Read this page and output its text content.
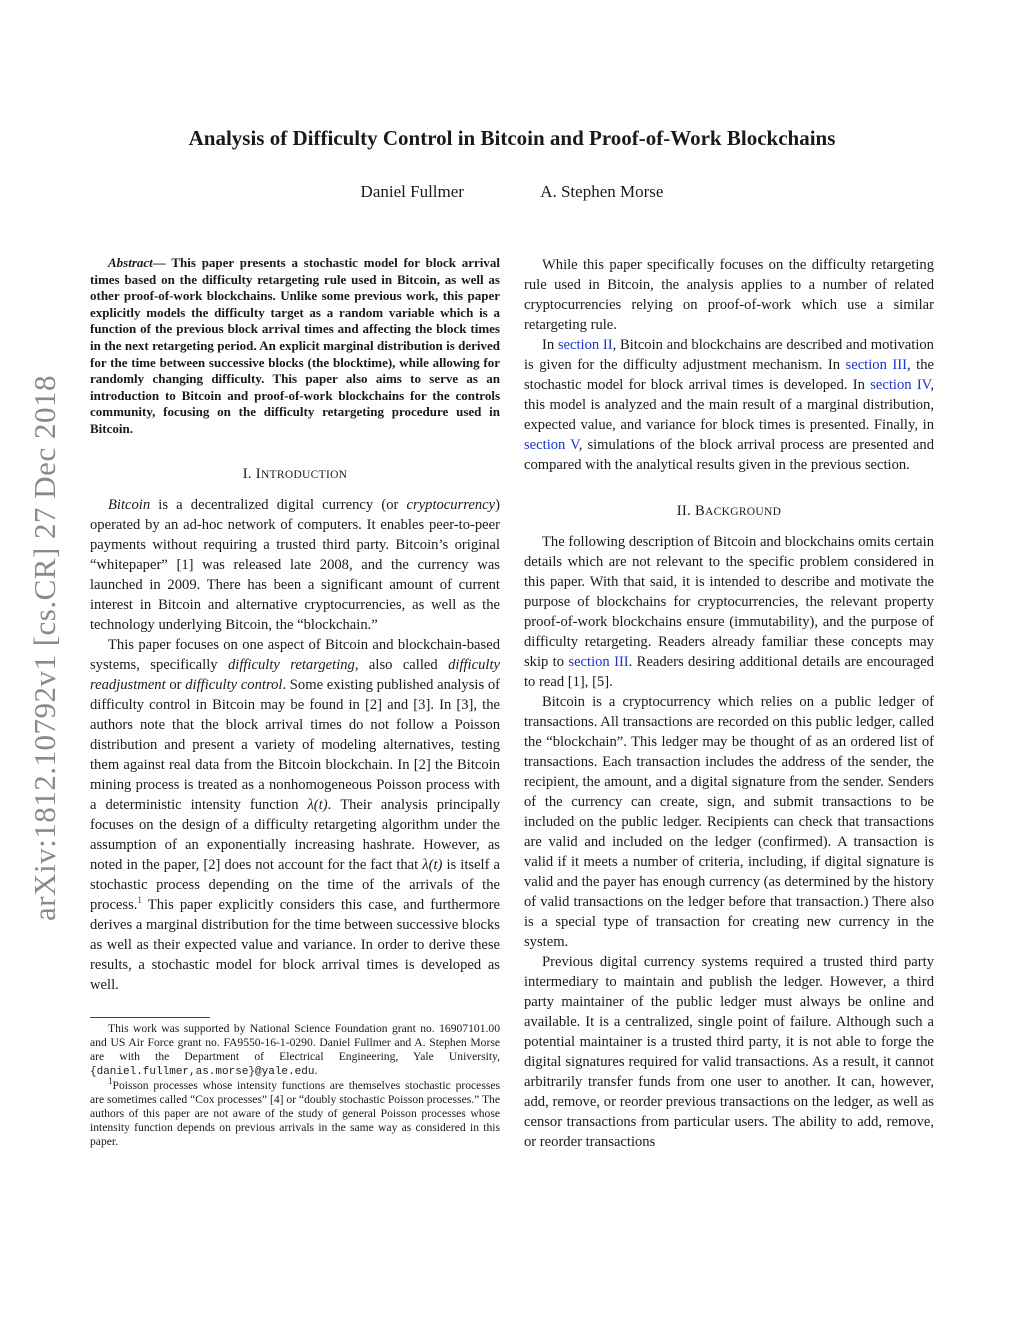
Analysis of Difficulty Control in Bitcoin and Proof-of-Work Blockchains
Daniel Fullmer	A. Stephen Morse
arXiv:1812.10792v1 [cs.CR] 27 Dec 2018

Abstract— This paper presents a stochastic model for block arrival times based on the difficulty retargeting rule used in Bitcoin, as well as other proof-of-work blockchains. Unlike some previous work, this paper explicitly models the difficulty target as a random variable which is a function of the previous block arrival times and affecting the block times in the next retargeting period. An explicit marginal distribution is derived for the time between successive blocks (the blocktime), while allowing for randomly changing difficulty. This paper also aims to serve as an introduction to Bitcoin and proof-of-work blockchains for the controls community, focusing on the difficulty retargeting procedure used in Bitcoin.

I. INTRODUCTION

Bitcoin is a decentralized digital currency (or cryptocurrency) operated by an ad-hoc network of computers. It enables peer-to-peer payments without requiring a trusted third party. Bitcoin’s original “whitepaper” [1] was released late 2008, and the currency was launched in 2009. There has been a significant amount of current interest in Bitcoin and alternative cryptocurrencies, as well as the technology underlying Bitcoin, the “blockchain.”

This paper focuses on one aspect of Bitcoin and blockchain-based systems, specifically difficulty retargeting, also called difficulty readjustment or difficulty control. Some existing published analysis of difficulty control in Bitcoin may be found in [2] and [3]. In [3], the authors note that the block arrival times do not follow a Poisson distribution and present a variety of modeling alternatives, testing them against real data from the Bitcoin blockchain. In [2] the Bitcoin mining process is treated as a nonhomogeneous Poisson process with a deterministic intensity function λ(t). Their analysis principally focuses on the design of a difficulty retargeting algorithm under the assumption of an exponentially increasing hashrate. However, as noted in the paper, [2] does not account for the fact that λ(t) is itself a stochastic process depending on the time of the arrivals of the process.$^1$ This paper explicitly considers this case, and furthermore derives a marginal distribution for the time between successive blocks as well as their expected value and variance. In order to derive these results, a stochastic model for block arrival times is developed as well.

This work was supported by National Science Foundation grant no. 16907101.00 and US Air Force grant no. FA9550-16-1-0290. Daniel Fullmer and A. Stephen Morse are with the Department of Electrical Engineering, Yale University, {daniel.fullmer,as.morse}@yale.edu.

$^1$Poisson processes whose intensity functions are themselves stochastic processes are sometimes called “Cox processes” [4] or “doubly stochastic Poisson processes.” The authors of this paper are not aware of the study of general Poisson processes whose intensity function depends on previous arrivals in the same way as considered in this paper.

While this paper specifically focuses on the difficulty retargeting rule used in Bitcoin, the analysis applies to a number of related cryptocurrencies relying on proof-of-work which use a similar retargeting rule.

In section II, Bitcoin and blockchains are described and motivation is given for the difficulty adjustment mechanism. In section III, the stochastic model for block arrival times is developed. In section IV, this model is analyzed and the main result of a marginal distribution, expected value, and variance for block times is presented. Finally, in section V, simulations of the block arrival process are presented and compared with the analytical results given in the previous section.

II. BACKGROUND

The following description of Bitcoin and blockchains omits certain details which are not relevant to the specific problem considered in this paper. With that said, it is intended to describe and motivate the purpose of blockchains for cryptocurrencies, the relevant property proof-of-work blockchains ensure (immutability), and the purpose of difficulty retargeting. Readers already familiar these concepts may skip to section III. Readers desiring additional details are encouraged to read [1], [5].

Bitcoin is a cryptocurrency which relies on a public ledger of transactions. All transactions are recorded on this public ledger, called the “blockchain”. This ledger may be thought of as an ordered list of transactions. Each transaction includes the address of the sender, the recipient, the amount, and a digital signature from the sender. Senders of the currency can create, sign, and submit transactions to be included on the public ledger. Recipients can check that transactions are valid and included on the ledger (confirmed). A transaction is valid if it meets a number of criteria, including, if digital signature is valid and the payer has enough currency (as determined by the history of valid transactions on the ledger before that transaction.) There also is a special type of transaction for creating new currency in the system.

Previous digital currency systems required a trusted third party intermediary to maintain and publish the ledger. However, a third party maintainer of the public ledger must always be online and available. It is a centralized, single point of failure. Although such a potential maintainer is a trusted third party, it is not able to forge the digital signatures required for valid transactions. As a result, it cannot arbitrarily transfer funds from one user to another. It can, however, add, remove, or reorder previous transactions on the ledger, as well as censor transactions from particular users. The ability to add, remove, or reorder transactions
